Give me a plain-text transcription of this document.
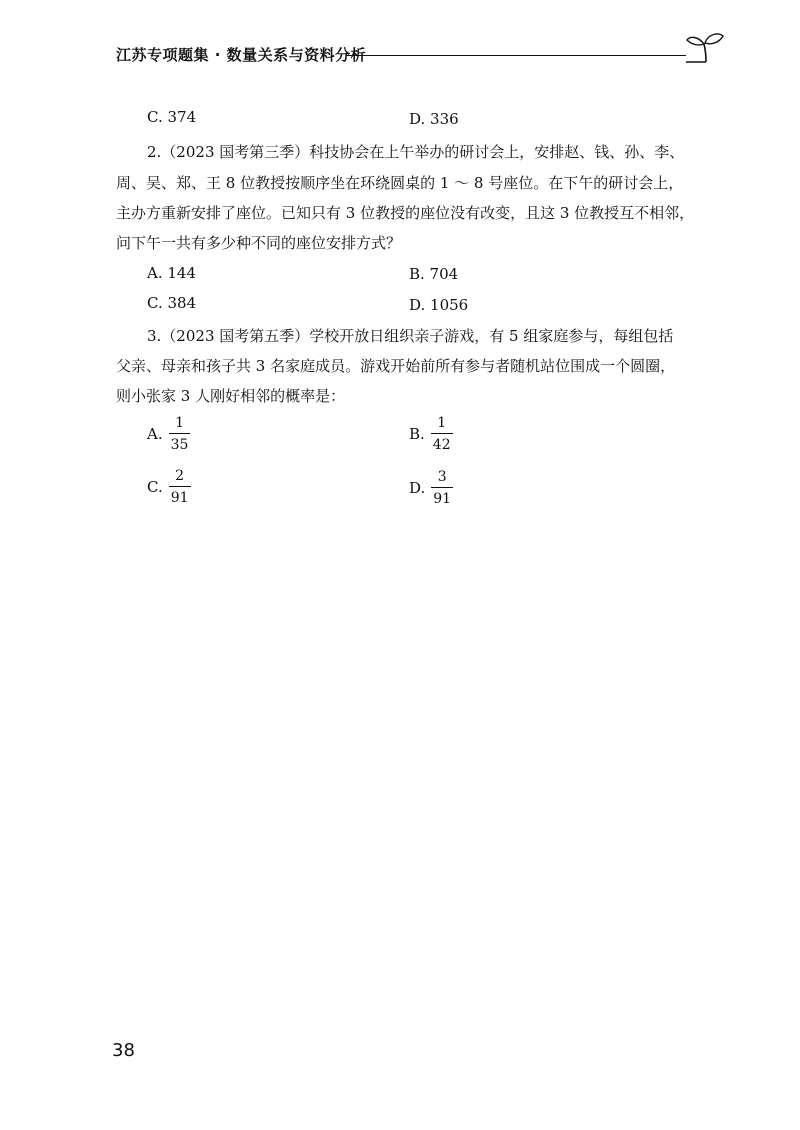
江苏专项题集 · 数量关系与资料分析
C. 374	D. 336
2.（2023 国考第三季）科技协会在上午举办的研讨会上，安排赵、钱、孙、李、
周、吴、郑、王 8 位教授按顺序坐在环绕圆桌的 1 ～ 8 号座位。在下午的研讨会上，
主办方重新安排了座位。已知只有 3 位教授的座位没有改变，且这 3 位教授互不相邻，
问下午一共有多少种不同的座位安排方式？
A. 144	B. 704
C. 384	D. 1056
3.（2023 国考第五季）学校开放日组织亲子游戏，有 5 组家庭参与，每组包括
父亲、母亲和孩子共 3 名家庭成员。游戏开始前所有参与者随机站位围成一个圆圈，
则小张家 3 人刚好相邻的概率是：
A. $\frac{1}{35}$	B. $\frac{1}{42}$
C. $\frac{2}{91}$	D. $\frac{3}{91}$
38
